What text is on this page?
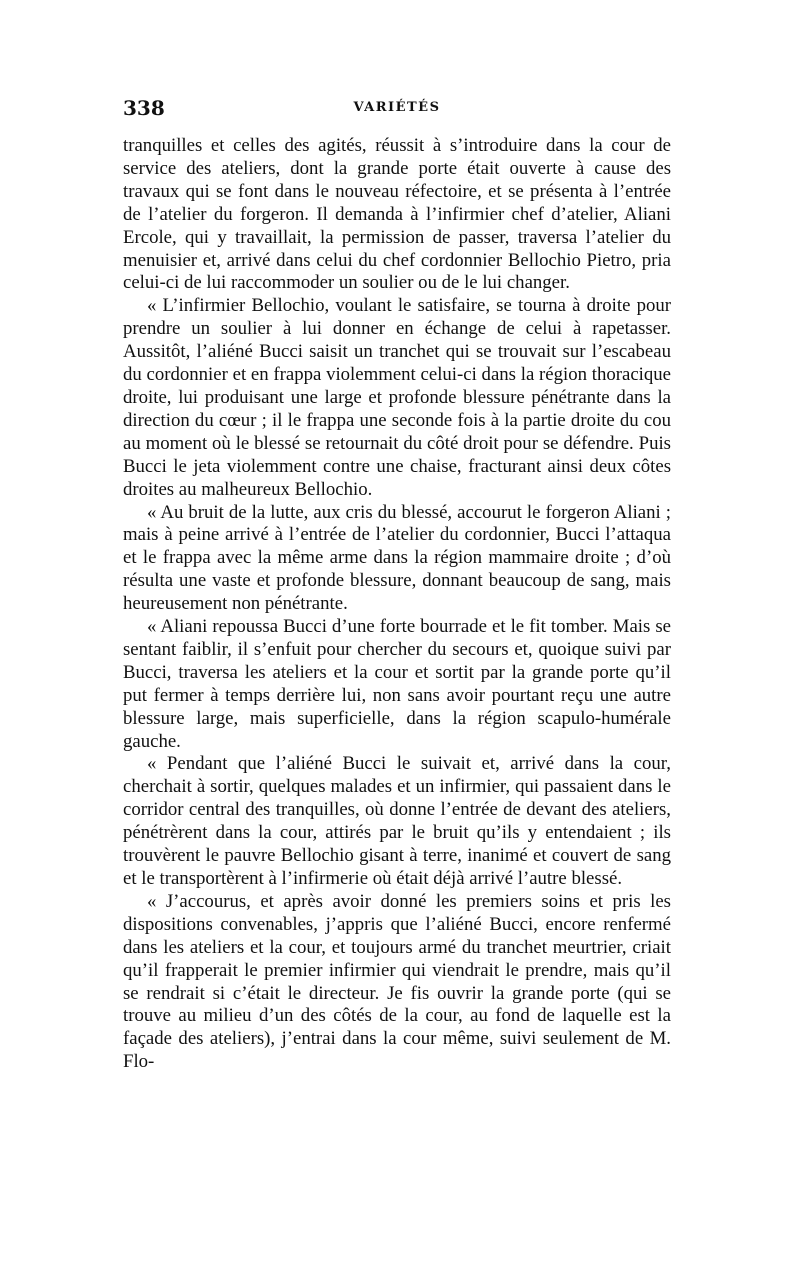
338	VARIÉTÉS

tranquilles et celles des agités, réussit à s’introduire dans la cour de service des ateliers, dont la grande porte était ouverte à cause des travaux qui se font dans le nouveau réfectoire, et se présenta à l’entrée de l’atelier du forgeron. Il demanda à l’infirmier chef d’atelier, Aliani Ercole, qui y travaillait, la permission de passer, traversa l’atelier du menuisier et, arrivé dans celui du chef cordonnier Bellochio Pietro, pria celui-ci de lui raccommoder un soulier ou de le lui changer.

« L’infirmier Bellochio, voulant le satisfaire, se tourna à droite pour prendre un soulier à lui donner en échange de celui à rapetasser. Aussitôt, l’aliéné Bucci saisit un tranchet qui se trouvait sur l’escabeau du cordonnier et en frappa violemment celui-ci dans la région thoracique droite, lui produisant une large et profonde blessure pénétrante dans la direction du cœur ; il le frappa une seconde fois à la partie droite du cou au moment où le blessé se retournait du côté droit pour se défendre. Puis Bucci le jeta violemment contre une chaise, fracturant ainsi deux côtes droites au malheureux Bellochio.

« Au bruit de la lutte, aux cris du blessé, accourut le forgeron Aliani ; mais à peine arrivé à l’entrée de l’atelier du cordonnier, Bucci l’attaqua et le frappa avec la même arme dans la région mammaire droite ; d’où résulta une vaste et profonde blessure, donnant beaucoup de sang, mais heureusement non pénétrante.

« Aliani repoussa Bucci d’une forte bourrade et le fit tomber. Mais se sentant faiblir, il s’enfuit pour chercher du secours et, quoique suivi par Bucci, traversa les ateliers et la cour et sortit par la grande porte qu’il put fermer à temps derrière lui, non sans avoir pourtant reçu une autre blessure large, mais superficielle, dans la région scapulo-humérale gauche.

« Pendant que l’aliéné Bucci le suivait et, arrivé dans la cour, cherchait à sortir, quelques malades et un infirmier, qui passaient dans le corridor central des tranquilles, où donne l’entrée de devant des ateliers, pénétrèrent dans la cour, attirés par le bruit qu’ils y entendaient ; ils trouvèrent le pauvre Bellochio gisant à terre, inanimé et couvert de sang et le transportèrent à l’infirmerie où était déjà arrivé l’autre blessé.

« J’accourus, et après avoir donné les premiers soins et pris les dispositions convenables, j’appris que l’aliéné Bucci, encore renfermé dans les ateliers et la cour, et toujours armé du tranchet meurtrier, criait qu’il frapperait le premier infirmier qui viendrait le prendre, mais qu’il se rendrait si c’était le directeur. Je fis ouvrir la grande porte (qui se trouve au milieu d’un des côtés de la cour, au fond de laquelle est la façade des ateliers), j’entrai dans la cour même, suivi seulement de M. Flo-
